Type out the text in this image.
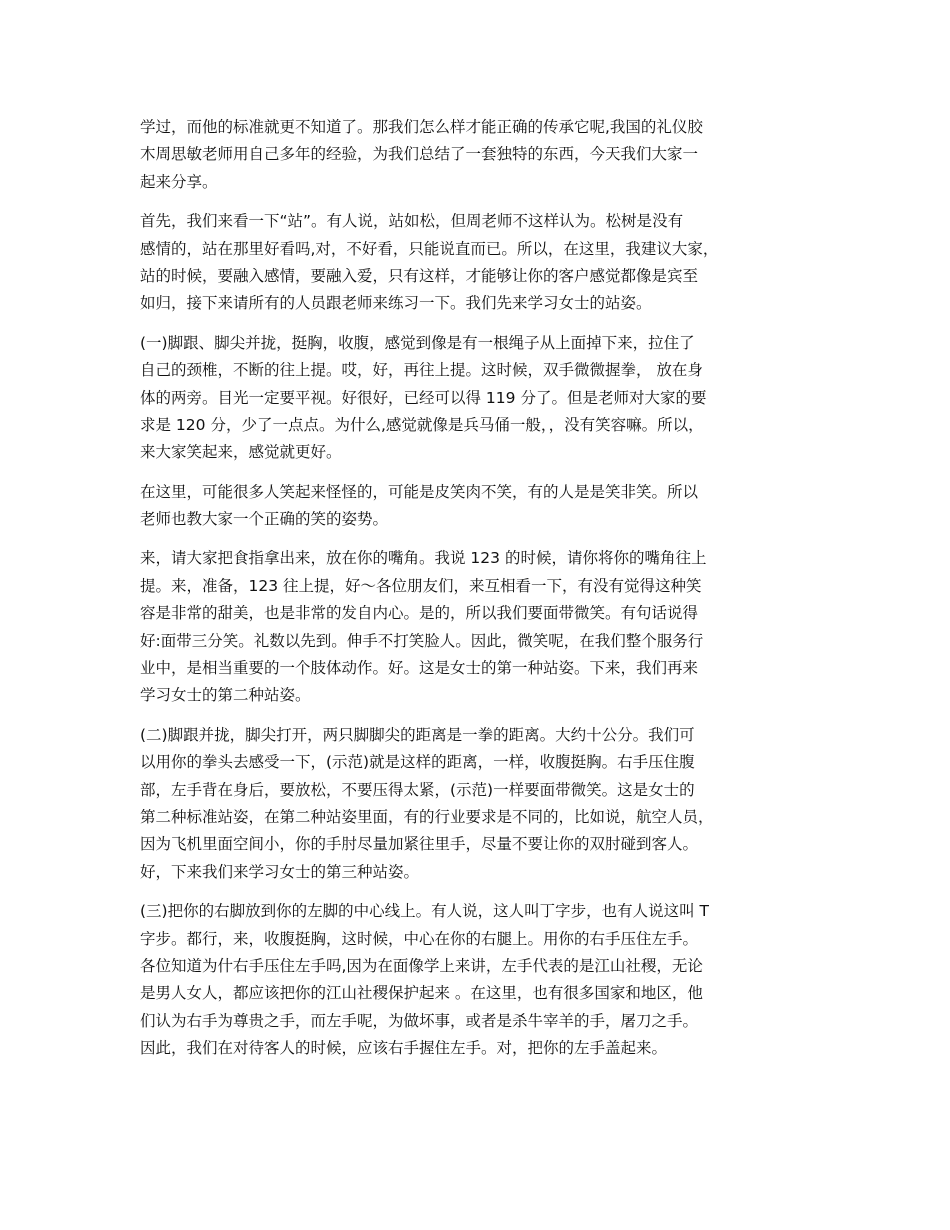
学过，而他的标准就更不知道了。那我们怎么样才能正确的传承它呢,我国的礼仪胶
木周思敏老师用自己多年的经验，为我们总结了一套独特的东西，今天我们大家一
起来分享。
首先，我们来看一下“站”。有人说，站如松，但周老师不这样认为。松树是没有
感情的，站在那里好看吗,对，不好看，只能说直而已。所以，在这里，我建议大家，
站的时候，要融入感情，要融入爱，只有这样，才能够让你的客户感觉都像是宾至
如归，接下来请所有的人员跟老师来练习一下。我们先来学习女士的站姿。
(一)脚跟、脚尖并拢，挺胸，收腹，感觉到像是有一根绳子从上面掉下来，拉住了
自己的颈椎，不断的往上提。哎，好，再往上提。这时候，双手微微握拳， 放在身
体的两旁。目光一定要平视。好很好，已经可以得 119 分了。但是老师对大家的要
求是 120 分，少了一点点。为什么,感觉就像是兵马俑一般，，没有笑容嘛。所以，
来大家笑起来，感觉就更好。
在这里，可能很多人笑起来怪怪的，可能是皮笑肉不笑，有的人是是笑非笑。所以
老师也教大家一个正确的笑的姿势。
来，请大家把食指拿出来，放在你的嘴角。我说 123 的时候，请你将你的嘴角往上
提。来，准备，123 往上提，好～各位朋友们，来互相看一下，有没有觉得这种笑
容是非常的甜美，也是非常的发自内心。是的，所以我们要面带微笑。有句话说得
好:面带三分笑。礼数以先到。伸手不打笑脸人。因此，微笑呢，在我们整个服务行
业中，是相当重要的一个肢体动作。好。这是女士的第一种站姿。下来，我们再来
学习女士的第二种站姿。
(二)脚跟并拢，脚尖打开，两只脚脚尖的距离是一拳的距离。大约十公分。我们可
以用你的拳头去感受一下，(示范)就是这样的距离，一样，收腹挺胸。右手压住腹
部，左手背在身后，要放松，不要压得太紧，(示范)一样要面带微笑。这是女士的
第二种标准站姿，在第二种站姿里面，有的行业要求是不同的，比如说，航空人员，
因为飞机里面空间小，你的手肘尽量加紧往里手，尽量不要让你的双肘碰到客人。
好，下来我们来学习女士的第三种站姿。
(三)把你的右脚放到你的左脚的中心线上。有人说，这人叫丁字步，也有人说这叫 T
字步。都行，来，收腹挺胸，这时候，中心在你的右腿上。用你的右手压住左手。
各位知道为什右手压住左手吗,因为在面像学上来讲，左手代表的是江山社稷，无论
是男人女人，都应该把你的江山社稷保护起来 。在这里，也有很多国家和地区，他
们认为右手为尊贵之手，而左手呢，为做坏事，或者是杀牛宰羊的手，屠刀之手。
因此，我们在对待客人的时候，应该右手握住左手。对，把你的左手盖起来。
